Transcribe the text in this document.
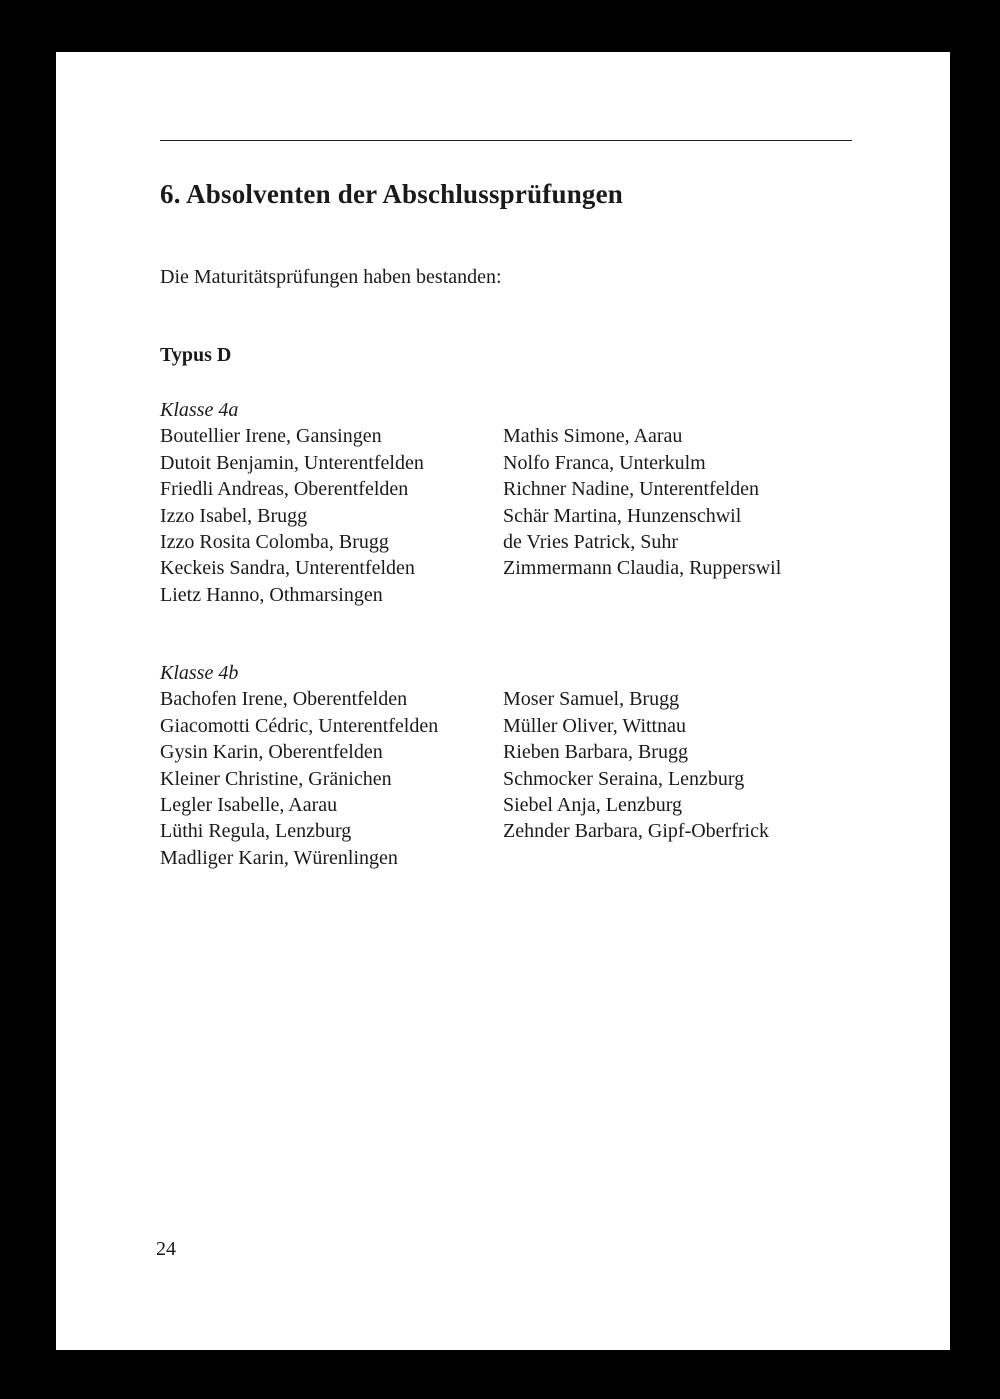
6. Absolventen der Abschlussprüfungen

Die Maturitätsprüfungen haben bestanden:

Typus D

Klasse 4a

Boutellier Irene, Gansingen
Dutoit Benjamin, Unterentfelden
Friedli Andreas, Oberentfelden
Izzo Isabel, Brugg
Izzo Rosita Colomba, Brugg
Keckeis Sandra, Unterentfelden
Lietz Hanno, Othmarsingen
Mathis Simone, Aarau
Nolfo Franca, Unterkulm
Richner Nadine, Unterentfelden
Schär Martina, Hunzenschwil
de Vries Patrick, Suhr
Zimmermann Claudia, Rupperswil

Klasse 4b

Bachofen Irene, Oberentfelden
Giacomotti Cédric, Unterentfelden
Gysin Karin, Oberentfelden
Kleiner Christine, Gränichen
Legler Isabelle, Aarau
Lüthi Regula, Lenzburg
Madliger Karin, Würenlingen
Moser Samuel, Brugg
Müller Oliver, Wittnau
Rieben Barbara, Brugg
Schmocker Seraina, Lenzburg
Siebel Anja, Lenzburg
Zehnder Barbara, Gipf-Oberfrick

24
